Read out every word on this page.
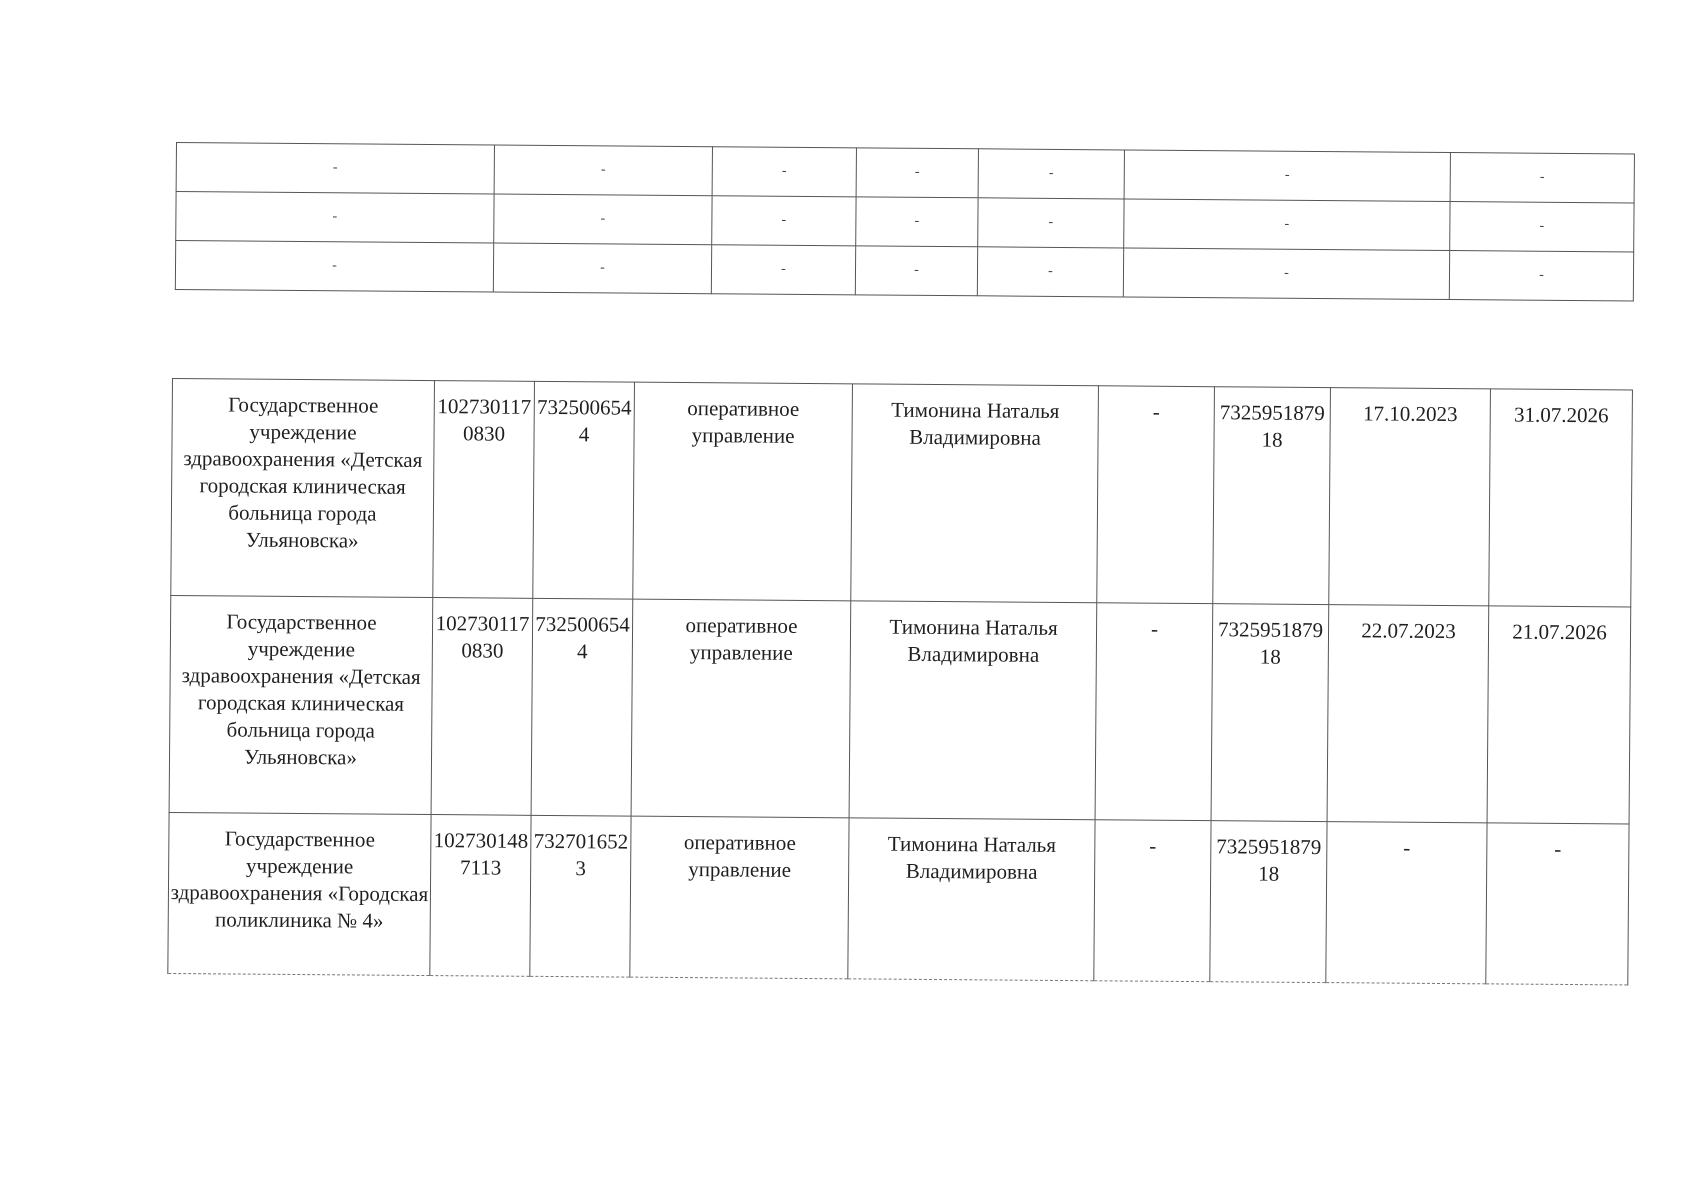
-	-	-	-	-	-	-
-	-	-	-	-	-	-
-	-	-	-	-	-	-
Государственное учреждение здравоохранения «Детская городская клиническая больница города Ульяновска»	1027301170830	7325006544	оперативное управление	Тимонина Наталья Владимировна	-	732595187918	17.10.2023	31.07.2026
Государственное учреждение здравоохранения «Детская городская клиническая больница города Ульяновска»	1027301170830	7325006544	оперативное управление	Тимонина Наталья Владимировна	-	732595187918	22.07.2023	21.07.2026
Государственное учреждение здравоохранения «Городская поликлиника № 4»	1027301487113	7327016523	оперативное управление	Тимонина Наталья Владимировна	-	732595187918	-	-
